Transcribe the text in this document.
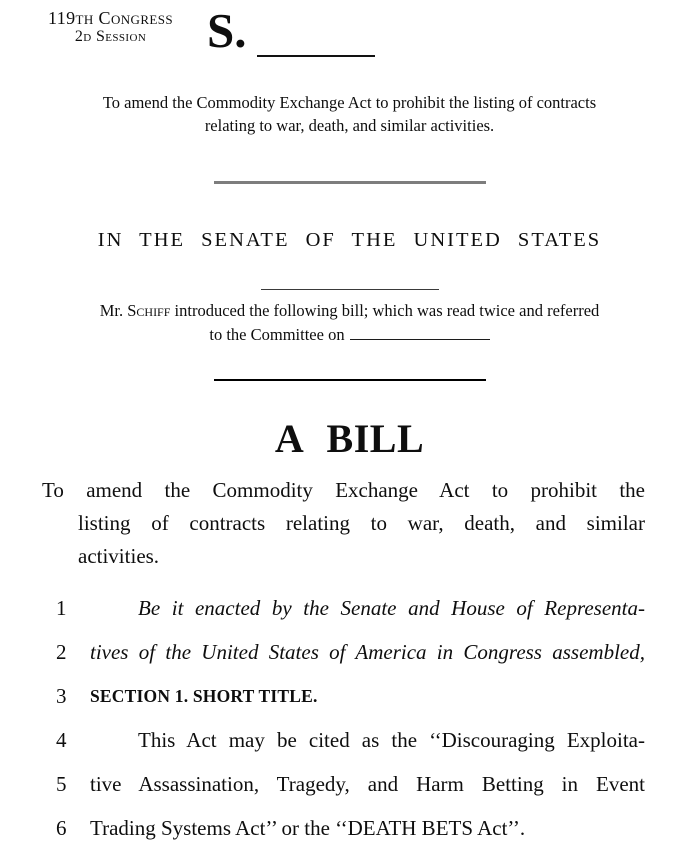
119th Congress
2d Session	S.
To amend the Commodity Exchange Act to prohibit the listing of contracts
relating to war, death, and similar activities.
IN THE SENATE OF THE UNITED STATES
Mr. Schiff introduced the following bill; which was read twice and referred
to the Committee on
A BILL
To amend the Commodity Exchange Act to prohibit the
listing of contracts relating to war, death, and similar
activities.
1	Be it enacted by the Senate and House of Representa-
2	tives of the United States of America in Congress assembled,
3	SECTION 1. SHORT TITLE.
4	This Act may be cited as the ‘‘Discouraging Exploita-
5	tive Assassination, Tragedy, and Harm Betting in Event
6	Trading Systems Act’’ or the ‘‘DEATH BETS Act’’.
